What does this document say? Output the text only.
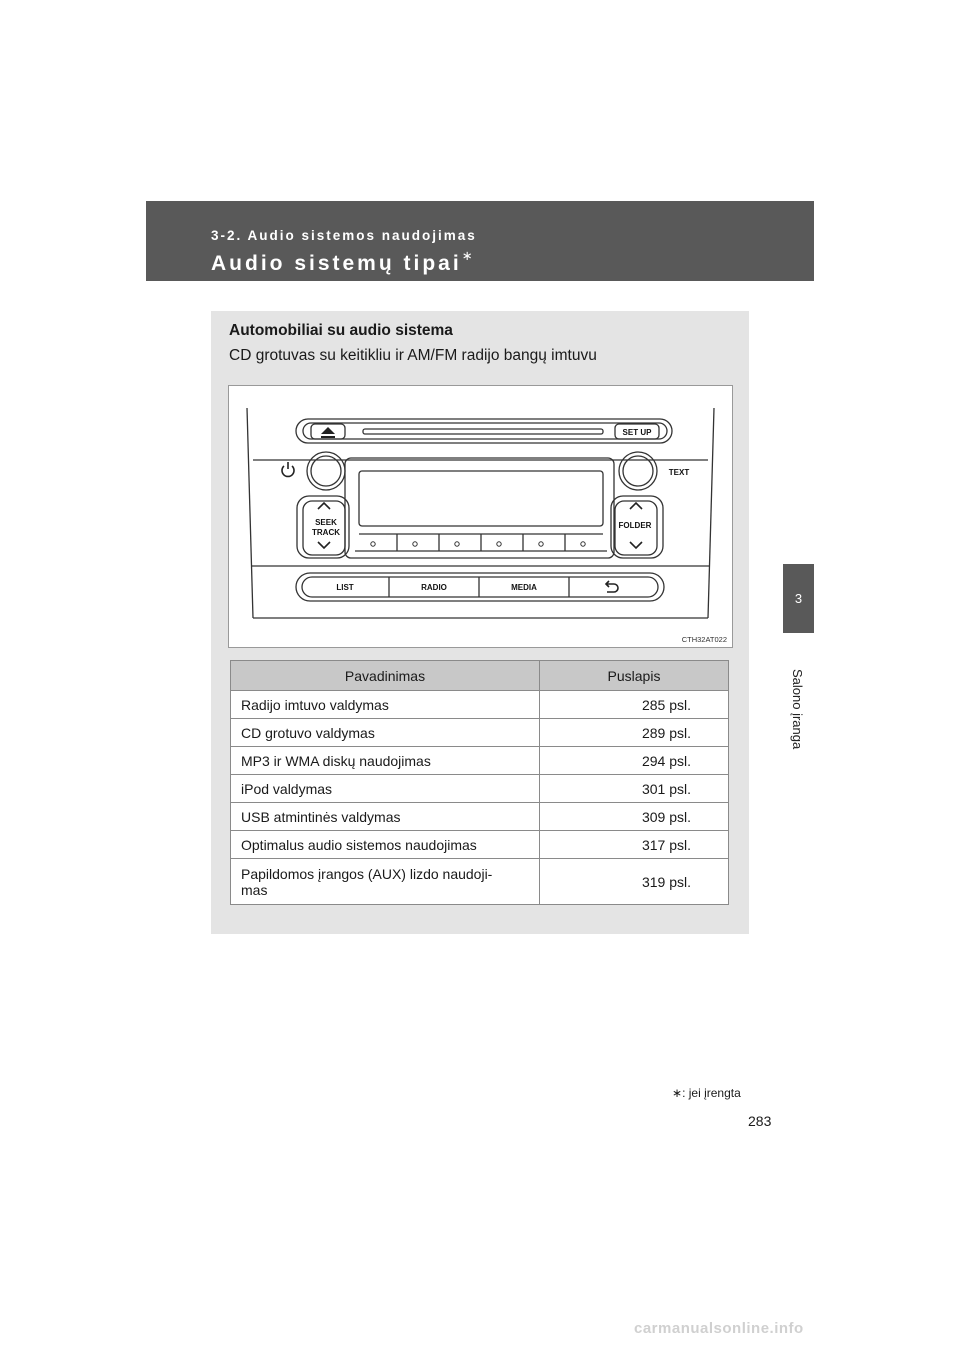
3-2. Audio sistemos naudojimas
Audio sistemų tipai∗
3
Salono įranga
Automobiliai su audio sistema
CD grotuvas su keitikliu ir AM/FM radijo bangų imtuvu
SET UP
TEXT
SEEK
TRACK
FOLDER
LIST	RADIO	MEDIA
CTH32AT022
Pavadinimas	Puslapis
Radijo imtuvo valdymas	285 psl.
CD grotuvo valdymas	289 psl.
MP3 ir WMA diskų naudojimas	294 psl.
iPod valdymas	301 psl.
USB atmintinės valdymas	309 psl.
Optimalus audio sistemos naudojimas	317 psl.
Papildomos įrangos (AUX) lizdo naudoji-
mas	319 psl.
∗: jei įrengta
283
carmanualsonline.info
